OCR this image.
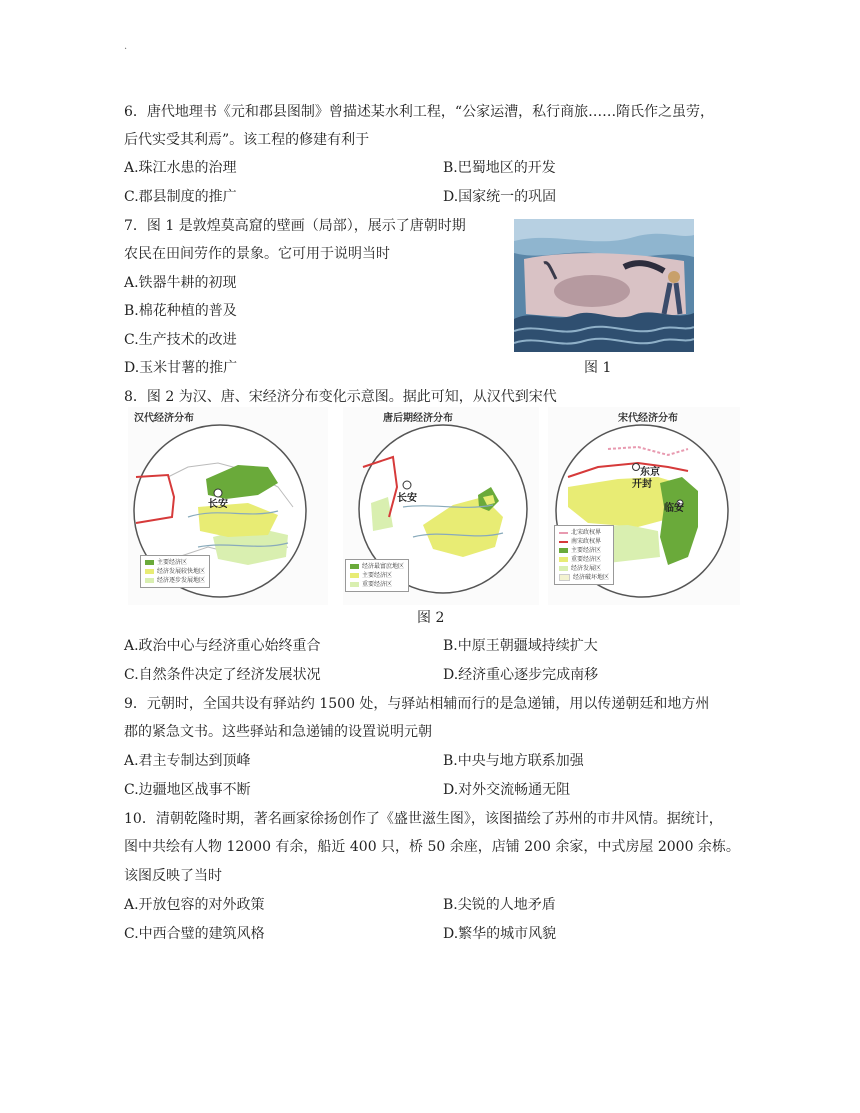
·
6．唐代地理书《元和郡县图制》曾描述某水利工程，“公家运漕，私行商旅……隋氏作之虽劳，
后代实受其利焉”。该工程的修建有利于
A.珠江水患的治理	B.巴蜀地区的开发
C.郡县制度的推广	D.国家统一的巩固
7．图 1 是敦煌莫高窟的壁画（局部），展示了唐朝时期
农民在田间劳作的景象。它可用于说明当时
A.铁器牛耕的初现
B.棉花种植的普及
C.生产技术的改进
D.玉米甘薯的推广	图 1
8．图 2 为汉、唐、宋经济分布变化示意图。据此可知，从汉代到宋代
汉代经济分布
长安
主要经济区
经济发展较快地区
经济逐步发展地区
唐后期经济分布
长安
经济最富庶地区
主要经济区
重要经济区
宋代经济分布
东京
开封
临安
北宋政权界
南宋政权界
主要经济区
重要经济区
经济发展区
经济破坏地区
图 2
A.政治中心与经济重心始终重合	B.中原王朝疆域持续扩大
C.自然条件决定了经济发展状况	D.经济重心逐步完成南移
9．元朝时，全国共设有驿站约 1500 处，与驿站相辅而行的是急递铺，用以传递朝廷和地方州
郡的紧急文书。这些驿站和急递铺的设置说明元朝
A.君主专制达到顶峰	B.中央与地方联系加强
C.边疆地区战事不断	D.对外交流畅通无阻
10．清朝乾隆时期，著名画家徐扬创作了《盛世滋生图》，该图描绘了苏州的市井风情。据统计，
图中共绘有人物 12000 有余，船近 400 只，桥 50 余座，店铺 200 余家，中式房屋 2000 余栋。
该图反映了当时
A.开放包容的对外政策	B.尖锐的人地矛盾
C.中西合璧的建筑风格	D.繁华的城市风貌
